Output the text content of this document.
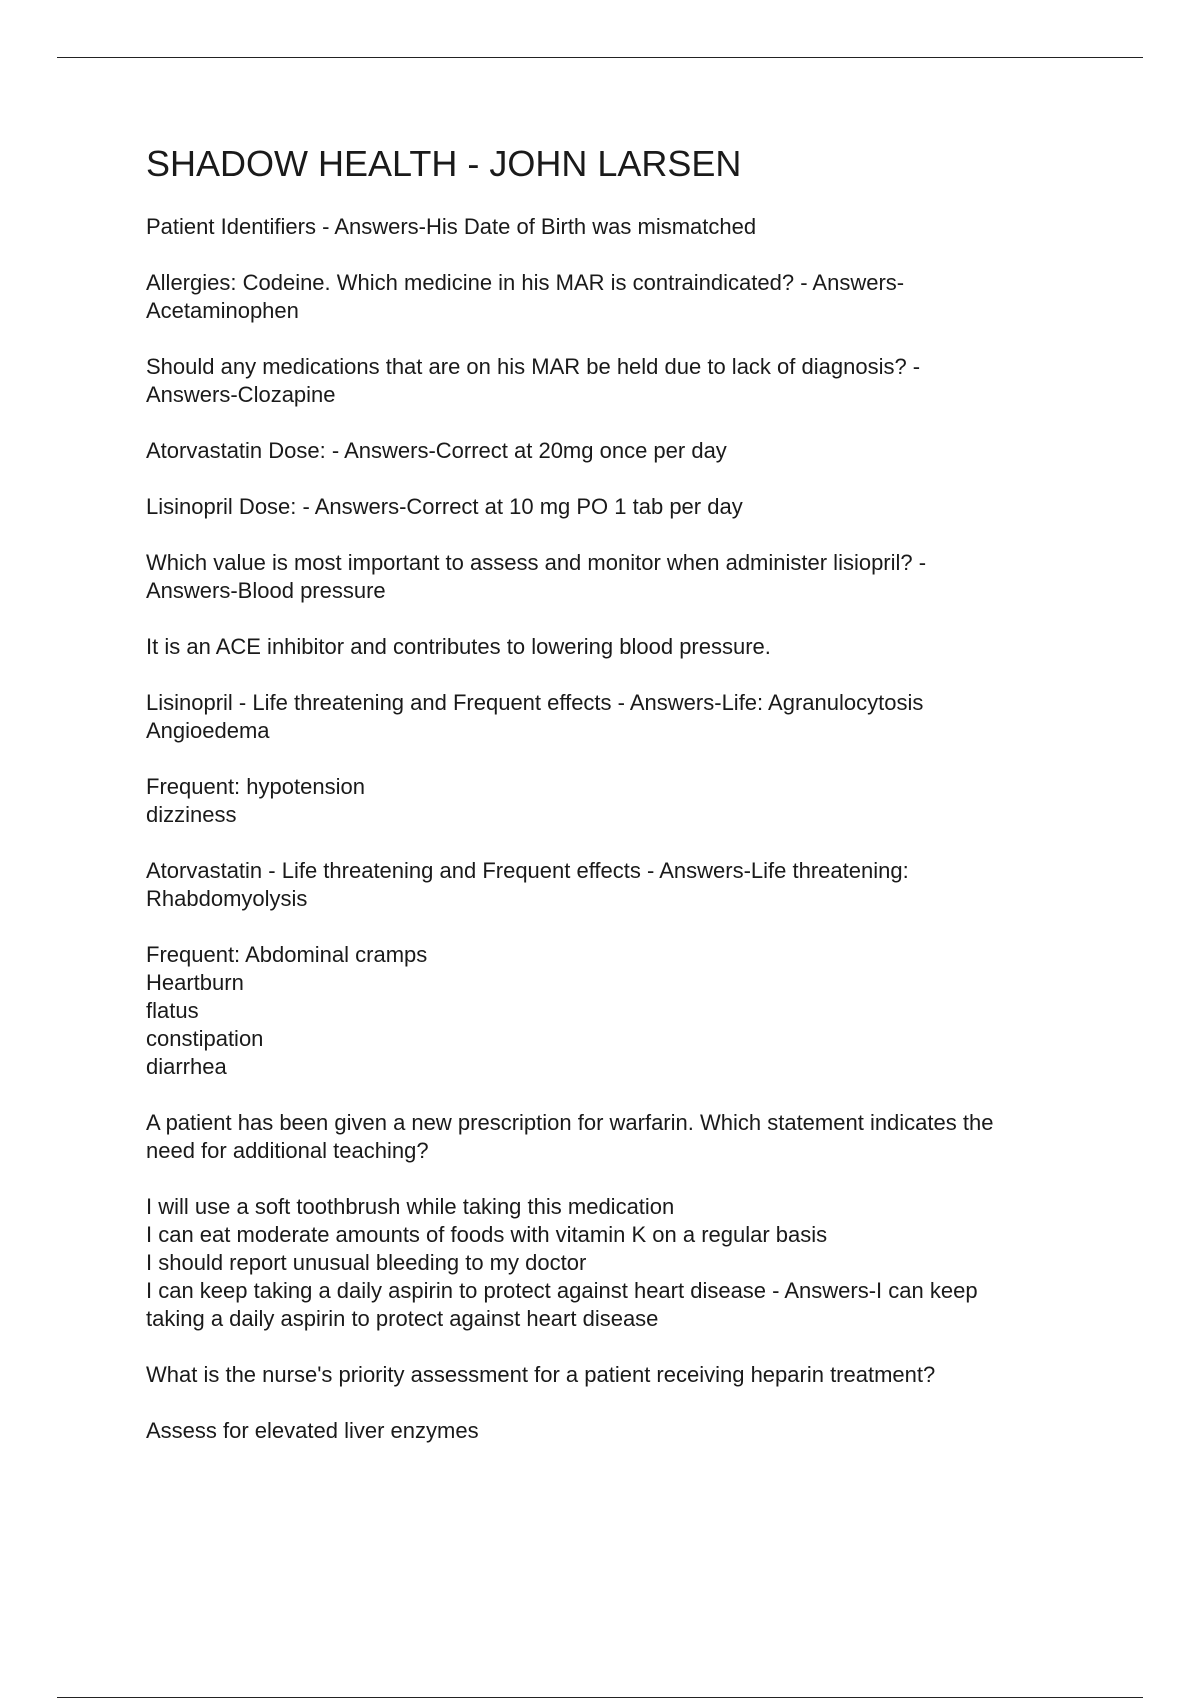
SHADOW HEALTH - JOHN LARSEN

Patient Identifiers - Answers-His Date of Birth was mismatched

Allergies: Codeine. Which medicine in his MAR is contraindicated? - Answers-
Acetaminophen

Should any medications that are on his MAR be held due to lack of diagnosis? -
Answers-Clozapine

Atorvastatin Dose: - Answers-Correct at 20mg once per day

Lisinopril Dose: - Answers-Correct at 10 mg PO 1 tab per day

Which value is most important to assess and monitor when administer lisiopril? -
Answers-Blood pressure

It is an ACE inhibitor and contributes to lowering blood pressure.

Lisinopril - Life threatening and Frequent effects - Answers-Life: Agranulocytosis
Angioedema

Frequent: hypotension
dizziness

Atorvastatin - Life threatening and Frequent effects - Answers-Life threatening:
Rhabdomyolysis

Frequent: Abdominal cramps
Heartburn
flatus
constipation
diarrhea

A patient has been given a new prescription for warfarin. Which statement indicates the
need for additional teaching?

I will use a soft toothbrush while taking this medication
I can eat moderate amounts of foods with vitamin K on a regular basis
I should report unusual bleeding to my doctor
I can keep taking a daily aspirin to protect against heart disease - Answers-I can keep
taking a daily aspirin to protect against heart disease

What is the nurse's priority assessment for a patient receiving heparin treatment?

Assess for elevated liver enzymes
